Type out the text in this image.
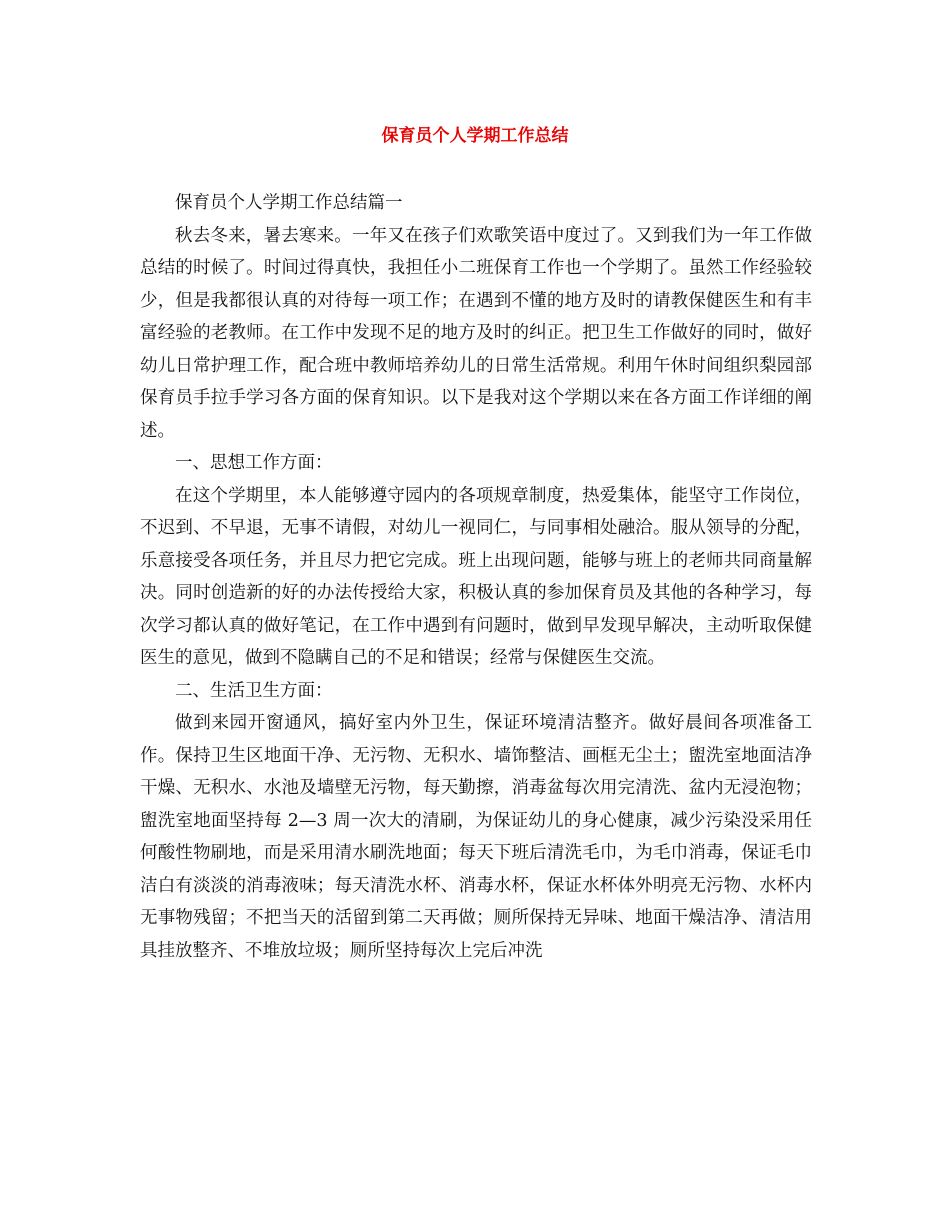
保育员个人学期工作总结

保育员个人学期工作总结篇一

秋去冬来，暑去寒来。一年又在孩子们欢歌笑语中度过了。又到我们为一年工作做总结的时候了。时间过得真快，我担任小二班保育工作也一个学期了。虽然工作经验较少，但是我都很认真的对待每一项工作；在遇到不懂的地方及时的请教保健医生和有丰富经验的老教师。在工作中发现不足的地方及时的纠正。把卫生工作做好的同时，做好幼儿日常护理工作，配合班中教师培养幼儿的日常生活常规。利用午休时间组织梨园部保育员手拉手学习各方面的保育知识。以下是我对这个学期以来在各方面工作详细的阐述。

一、思想工作方面：

在这个学期里，本人能够遵守园内的各项规章制度，热爱集体，能坚守工作岗位，不迟到、不早退，无事不请假，对幼儿一视同仁，与同事相处融洽。服从领导的分配，乐意接受各项任务，并且尽力把它完成。班上出现问题，能够与班上的老师共同商量解决。同时创造新的好的办法传授给大家，积极认真的参加保育员及其他的各种学习，每次学习都认真的做好笔记，在工作中遇到有问题时，做到早发现早解决，主动听取保健医生的意见，做到不隐瞒自己的不足和错误；经常与保健医生交流。

二、生活卫生方面：

做到来园开窗通风，搞好室内外卫生，保证环境清洁整齐。做好晨间各项准备工作。保持卫生区地面干净、无污物、无积水、墙饰整洁、画框无尘土；盥洗室地面洁净干燥、无积水、水池及墙壁无污物，每天勤擦，消毒盆每次用完清洗、盆内无浸泡物；盥洗室地面坚持每 2—3 周一次大的清刷，为保证幼儿的身心健康，减少污染没采用任何酸性物刷地，而是采用清水刷洗地面；每天下班后清洗毛巾，为毛巾消毒，保证毛巾洁白有淡淡的消毒液味；每天清洗水杯、消毒水杯，保证水杯体外明亮无污物、水杯内无事物残留；不把当天的活留到第二天再做；厕所保持无异味、地面干燥洁净、清洁用具挂放整齐、不堆放垃圾；厕所坚持每次上完后冲洗
